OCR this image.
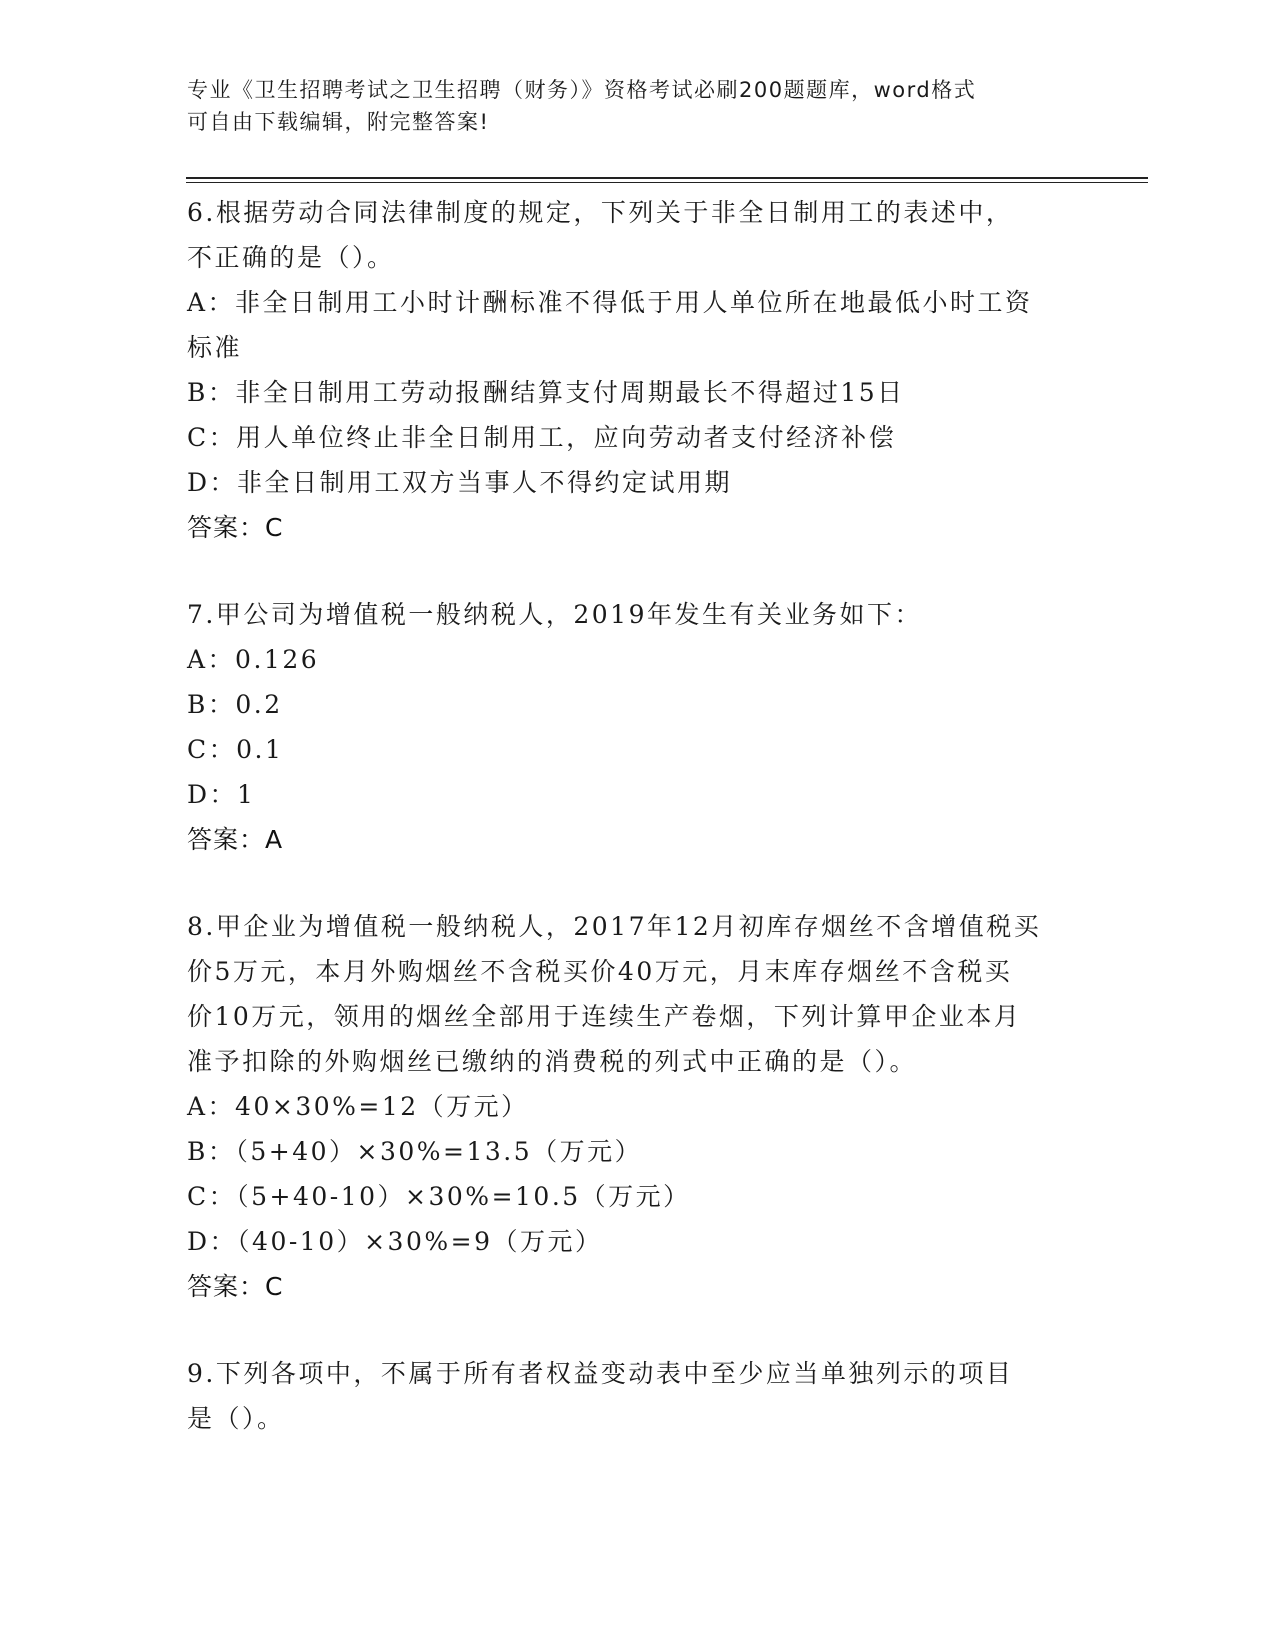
专业《卫生招聘考试之卫生招聘（财务）》资格考试必刷200题题库，word格式
可自由下载编辑，附完整答案!
6.根据劳动合同法律制度的规定，下列关于非全日制用工的表述中，
不正确的是（）。
A：非全日制用工小时计酬标准不得低于用人单位所在地最低小时工资
标准
B：非全日制用工劳动报酬结算支付周期最长不得超过15日
C：用人单位终止非全日制用工，应向劳动者支付经济补偿
D：非全日制用工双方当事人不得约定试用期
答案：C
7.甲公司为增值税一般纳税人，2019年发生有关业务如下：
A：0.126
B：0.2
C：0.1
D：1
答案：A
8.甲企业为增值税一般纳税人，2017年12月初库存烟丝不含增值税买
价5万元，本月外购烟丝不含税买价40万元，月末库存烟丝不含税买
价10万元，领用的烟丝全部用于连续生产卷烟，下列计算甲企业本月
准予扣除的外购烟丝已缴纳的消费税的列式中正确的是（）。
A：40×30%=12（万元）
B：（5+40）×30%=13.5（万元）
C：（5+40-10）×30%=10.5（万元）
D：（40-10）×30%=9（万元）
答案：C
9.下列各项中，不属于所有者权益变动表中至少应当单独列示的项目
是（）。
